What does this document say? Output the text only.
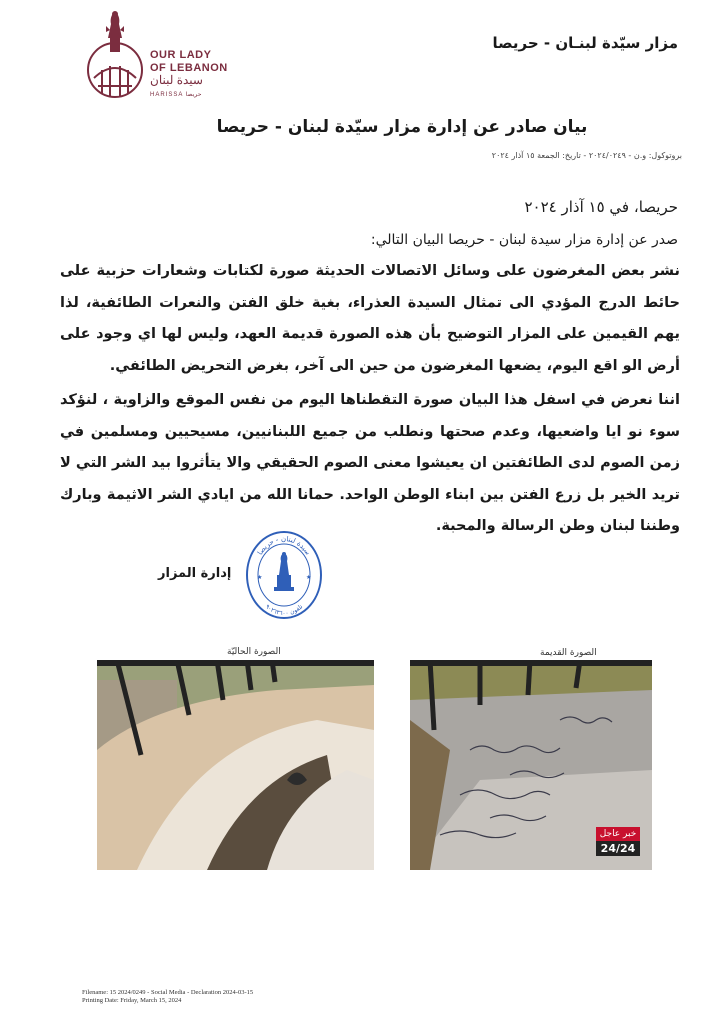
OUR LADY
OF LEBANON
سيدة لبنان
HARISSA حريصا
مزار سيّدة لبنـان - حريصا
بيان صادر عن إدارة مزار سيّدة لبنان - حريصا
بروتوكول: و.ن - ٢٠٢٤/٠٢٤٩ - تاريخ: الجمعة ١٥ آذار ٢٠٢٤
حريصا، في ١٥ آذار ٢٠٢٤
صدر عن إدارة مزار سيدة لبنان - حريصا البيان التالي:

نشر بعض المغرضون على وسائل الاتصالات الحديثة صورة لكتابات وشعارات حزبية على حائط الدرج المؤدي الى تمثال السيدة العذراء، بغية خلق الفتن والنعرات الطائفية، لذا يهم القيمين على المزار التوضيح بأن هذه الصورة قديمة العهد، وليس لها اي وجود على أرض الو اقع اليوم، يضعها المغرضون من حين الى آخر، بغرض التحريض الطائفي.

اننا نعرض في اسفل هذا البيان صورة التقطناها اليوم من نفس الموقع والزاوية ، لنؤكد سوء نو ايا واضعيها، وعدم صحتها ونطلب من جميع اللبنانيين، مسيحيين ومسلمين في زمن الصوم لدى الطائفتين ان يعيشوا معنى الصوم الحقيقي والا يتأثروا بيد الشر التي لا تريد الخير بل زرع الفتن بين ابناء الوطن الواحد. حمانا الله من ايادي الشر الاثيمة وبارك وطننا لبنان وطن الرسالة والمحبة.

إدارة المزار
سيدة لبنان - حريصا
تلفون ٩٠٢٦٣٦٠٠
★	★
الصورة الحاليّة	الصورة القديمة
خبر عاجل
24/24
Filename: 15 2024/0249 - Social Media - Declaration 2024-03-15
Printing Date: Friday, March 15, 2024
